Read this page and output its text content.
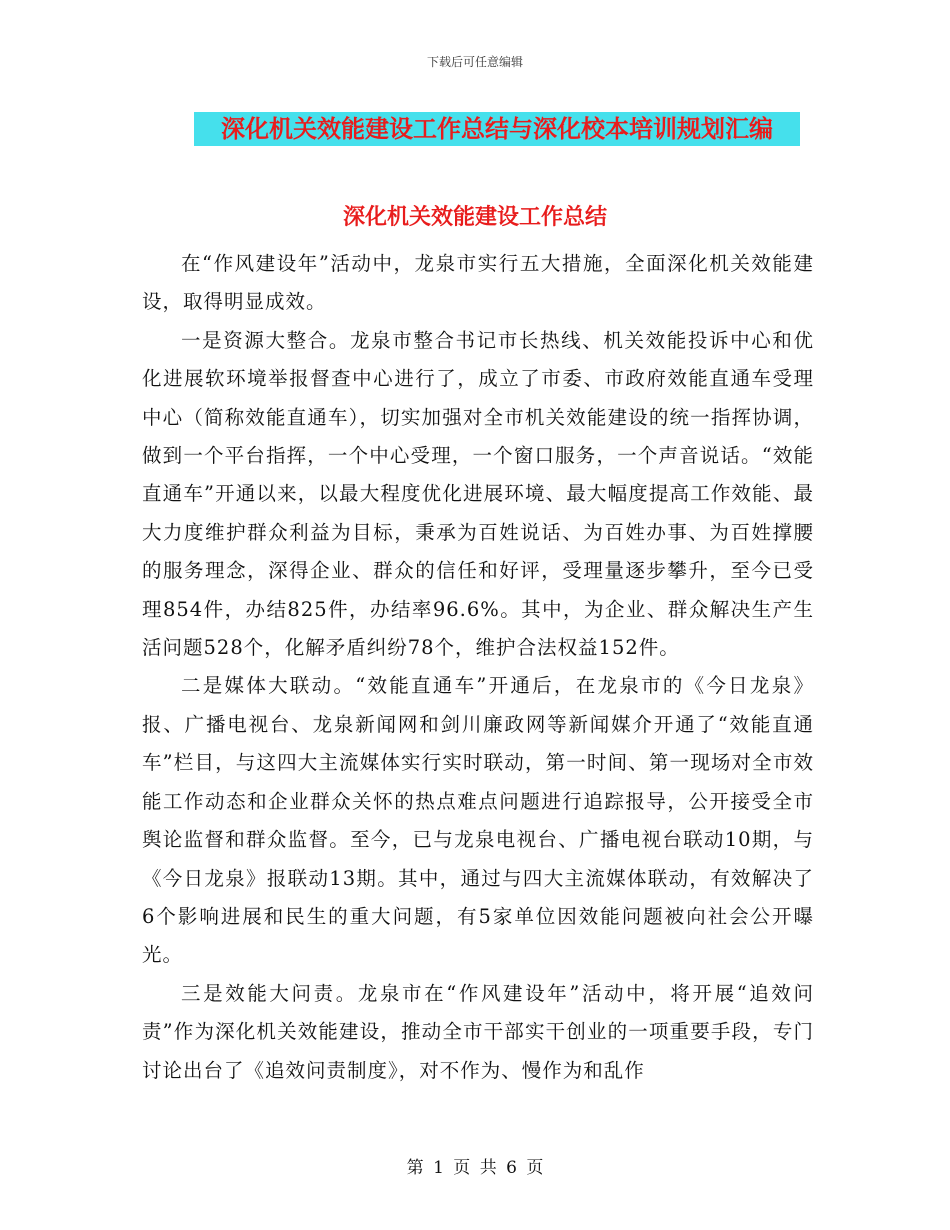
下载后可任意编辑
深化机关效能建设工作总结与深化校本培训规划汇编
深化机关效能建设工作总结

在“作风建设年”活动中，龙泉市实行五大措施，全面深化机关效能建设，取得明显成效。

一是资源大整合。龙泉市整合书记市长热线、机关效能投诉中心和优化进展软环境举报督查中心进行了，成立了市委、市政府效能直通车受理中心（简称效能直通车），切实加强对全市机关效能建设的统一指挥协调，做到一个平台指挥，一个中心受理，一个窗口服务，一个声音说话。“效能直通车”开通以来，以最大程度优化进展环境、最大幅度提高工作效能、最大力度维护群众利益为目标，秉承为百姓说话、为百姓办事、为百姓撑腰的服务理念，深得企业、群众的信任和好评，受理量逐步攀升，至今已受理854件，办结825件，办结率96.6%。其中，为企业、群众解决生产生活问题528个，化解矛盾纠纷78个，维护合法权益152件。

二是媒体大联动。“效能直通车”开通后，在龙泉市的《今日龙泉》报、广播电视台、龙泉新闻网和剑川廉政网等新闻媒介开通了“效能直通车”栏目，与这四大主流媒体实行实时联动，第一时间、第一现场对全市效能工作动态和企业群众关怀的热点难点问题进行追踪报导，公开接受全市舆论监督和群众监督。至今，已与龙泉电视台、广播电视台联动10期，与《今日龙泉》报联动13期。其中，通过与四大主流媒体联动，有效解决了6个影响进展和民生的重大问题，有5家单位因效能问题被向社会公开曝光。

三是效能大问责。龙泉市在“作风建设年”活动中，将开展“追效问责”作为深化机关效能建设，推动全市干部实干创业的一项重要手段，专门讨论出台了《追效问责制度》，对不作为、慢作为和乱作

第 1 页 共 6 页
